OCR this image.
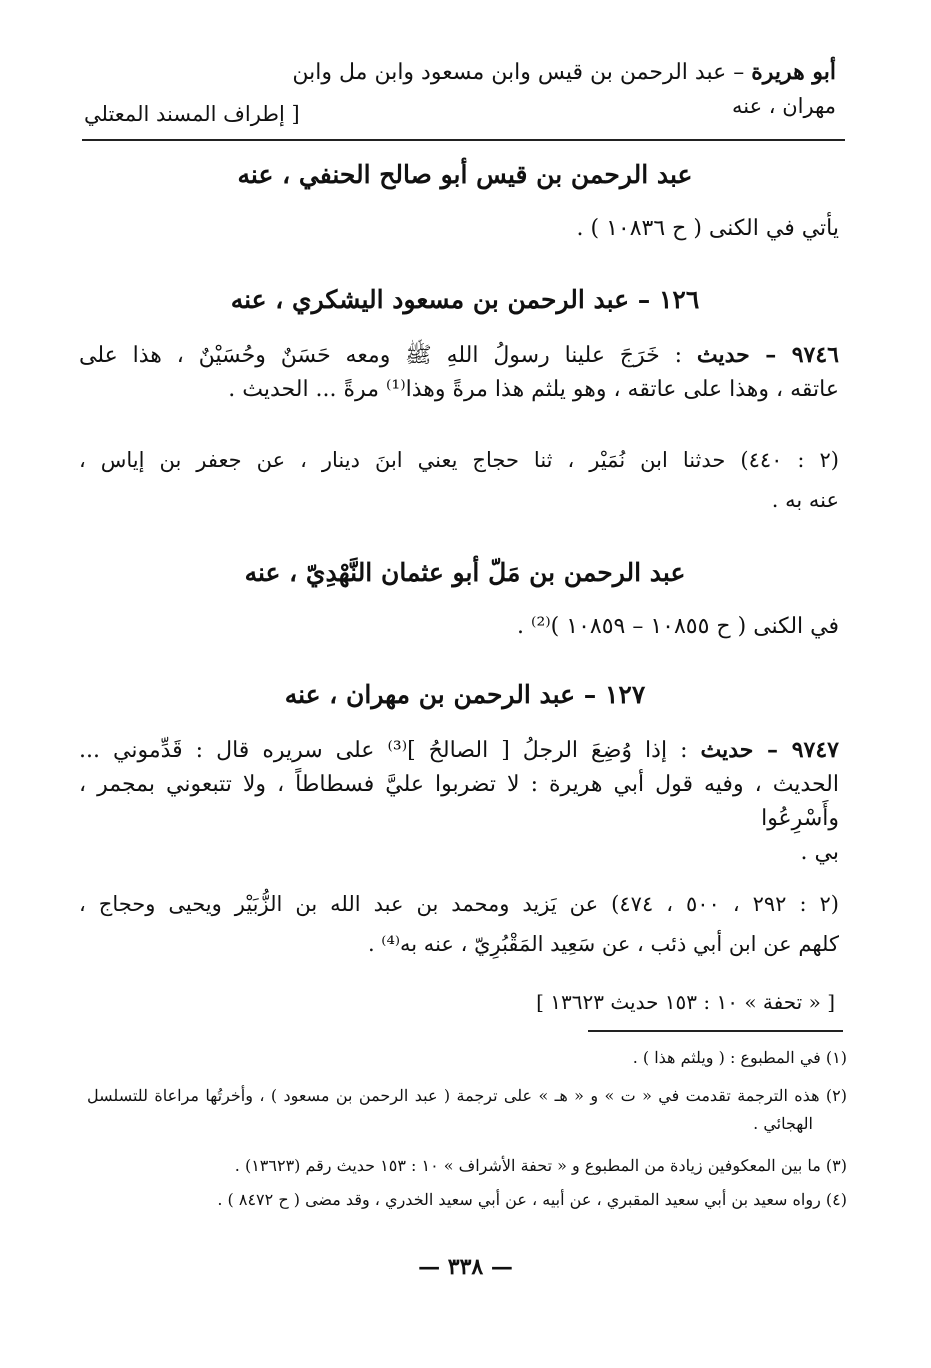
أبو هريرة – عبد الرحمن بن قيس وابن مسعود وابن مل وابن
مهران ، عنه
[ إطراف المسند المعتلي
عبد الرحمن بن قيس أبو صالح الحنفي ، عنه
يأتي في الكنى ( ح ١٠٨٣٦ ) .
١٢٦ – عبد الرحمن بن مسعود اليشكري ، عنه
٩٧٤٦ – حديث : خَرَجَ علينا رسولُ اللهِ ﷺ ومعه حَسَنٌ وحُسَيْنٌ ، هذا على
عاتقه ، وهذا على عاتقه ، وهو يلثم هذا مرةً وهذا⁽¹⁾ مرةً ... الحديث .
(٢ : ٤٤٠) حدثنا ابن نُمَيْر ، ثنا حجاج يعني ابنَ دينار ، عن جعفر بن إياس ،
عنه به .
عبد الرحمن بن مَلّ أبو عثمان النَّهْدِيّ ، عنه
في الكنى ( ح ١٠٨٥٥ – ١٠٨٥٩ )⁽²⁾ .
١٢٧ – عبد الرحمن بن مهران ، عنه
٩٧٤٧ – حديث : إذا وُضِعَ الرجلُ [ الصالحُ ]⁽³⁾ على سريره قال : قَدِّموني ...
الحديث ، وفيه قول أبي هريرة : لا تضربوا عليَّ فسطاطاً ، ولا تتبعوني بمجمر ، وأَسْرِعُوا
بي .
(٢ : ٢٩٢ ، ٥٠٠ ، ٤٧٤) عن يَزيد ومحمد بن عبد الله بن الزُّبَيْر ويحيى وحجاج ،
كلهم عن ابن أبي ذئب ، عن سَعِيد المَقْبُرِيّ ، عنه به⁽⁴⁾ .
[ « تحفة » ١٠ : ١٥٣ حديث ١٣٦٢٣ ]
(١) في المطبوع : ( ويلثم هذا ) .
(٢) هذه الترجمة تقدمت في « ت » و « هـ » على ترجمة ( عبد الرحمن بن مسعود ) ، وأخرتُها مراعاة للتسلسل
الهجائي .
(٣) ما بين المعكوفين زيادة من المطبوع و « تحفة الأشراف » ١٠ : ١٥٣ حديث رقم (١٣٦٢٣) .
(٤) رواه سعيد بن أبي سعيد المقبري ، عن أبيه ، عن أبي سعيد الخدري ، وقد مضى ( ح ٨٤٧٢ ) .
— ٣٣٨ —
